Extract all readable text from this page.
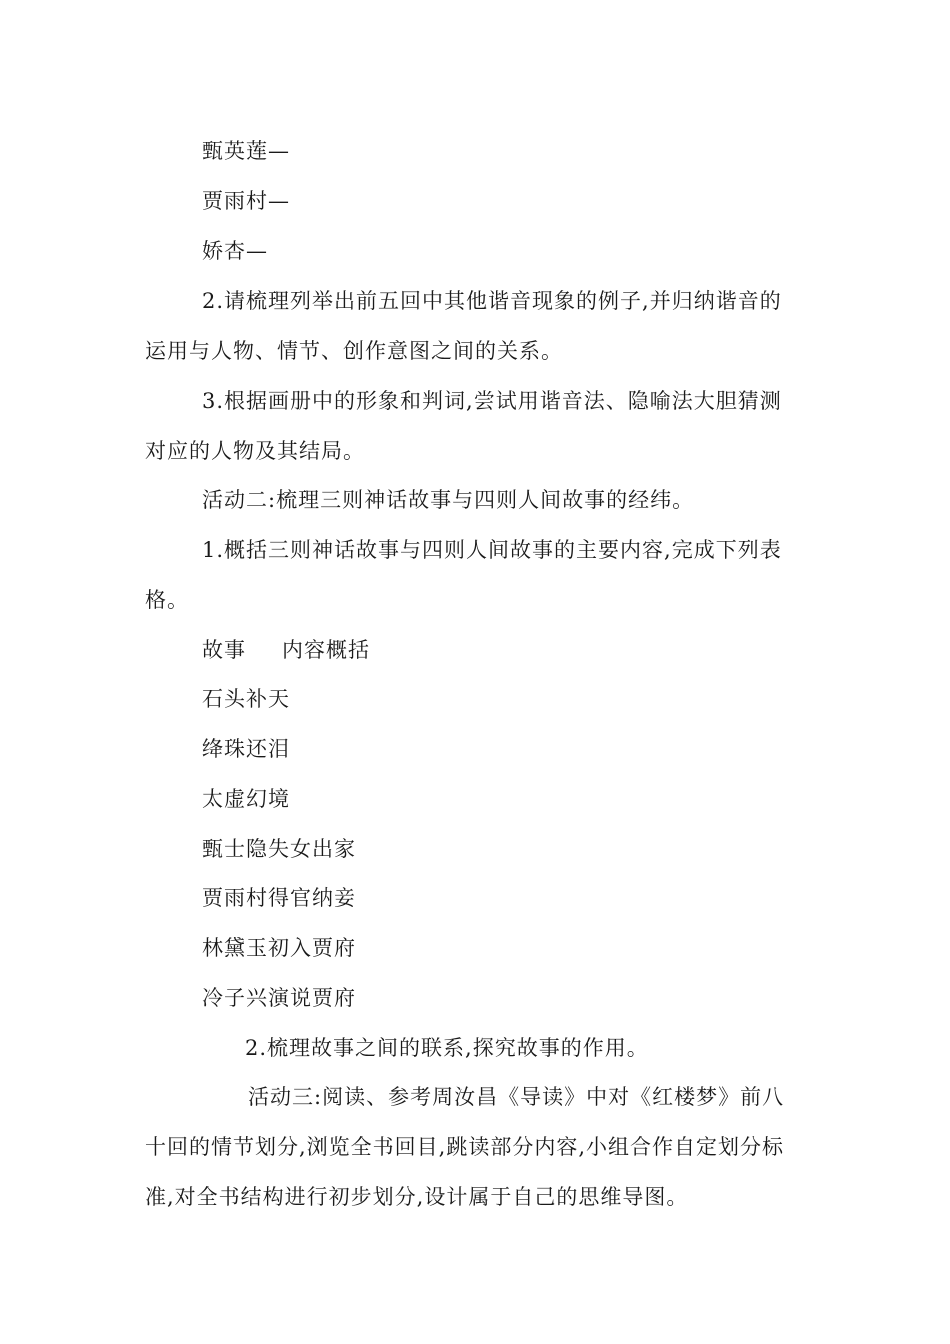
甄英莲—
贾雨村—
娇杏—
2.请梳理列举出前五回中其他谐音现象的例子,并归纳谐音的
运用与人物、情节、创作意图之间的关系。
3.根据画册中的形象和判词,尝试用谐音法、隐喻法大胆猜测
对应的人物及其结局。
活动二:梳理三则神话故事与四则人间故事的经纬。
1.概括三则神话故事与四则人间故事的主要内容,完成下列表
格。
故事 内容概括
石头补天
绛珠还泪
太虚幻境
甄士隐失女出家
贾雨村得官纳妾
林黛玉初入贾府
冷子兴演说贾府
2.梳理故事之间的联系,探究故事的作用。
活动三:阅读、参考周汝昌《导读》中对《红楼梦》前八
十回的情节划分,浏览全书回目,跳读部分内容,小组合作自定划分标
准,对全书结构进行初步划分,设计属于自己的思维导图。
